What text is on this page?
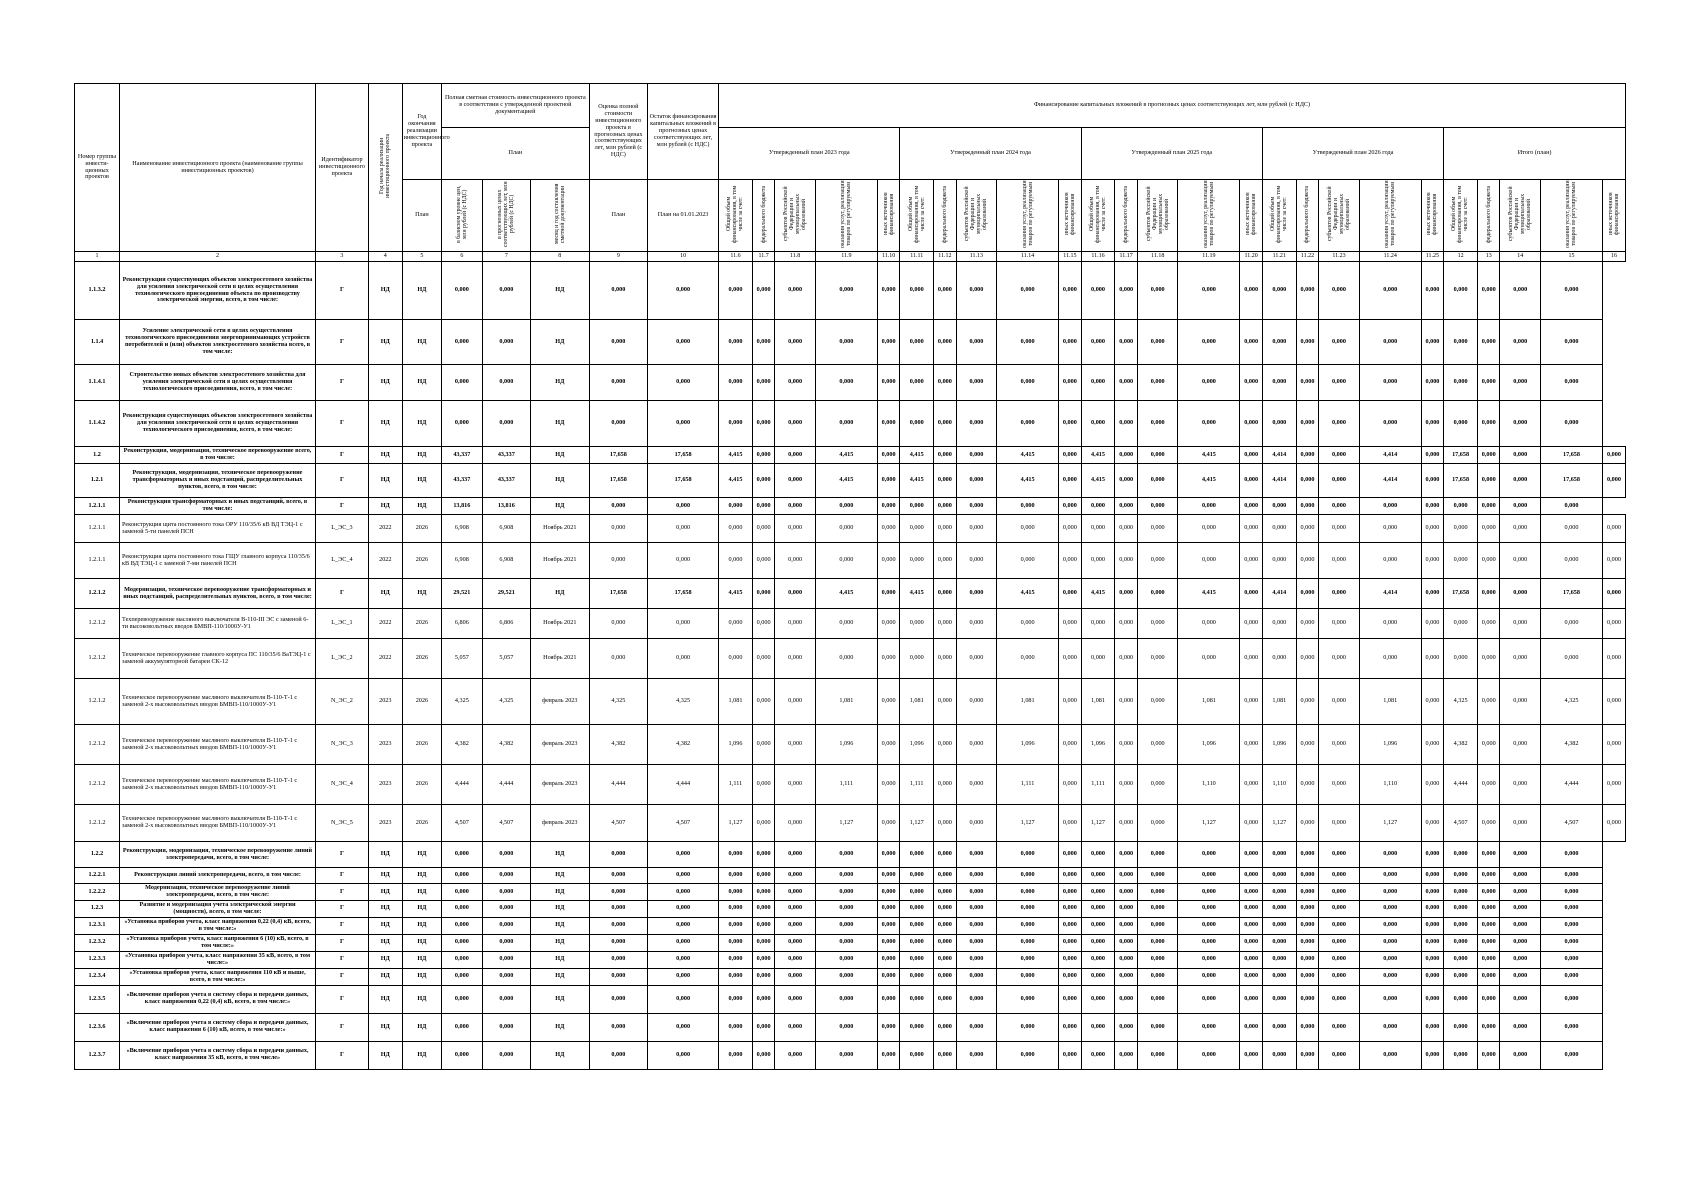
Номер группы инвести-ционных проектов	Наименование инвестиционного проекта (наименование группы инвестиционных проектов)	Идентификатор инвестиционного проекта	Год начала реализации инвестиционного проекта	Год окончания реализации инвестиционного проекта	Полная сметная стоимость инвестиционного проекта в соответствии с утвержденной проектной документацией			Оценка полной стоимости инвестиционного проекта в прогнозных ценах соответствующих лет, млн рублей (с НДС)	Остаток финансирования капитальных вложений в прогнозных ценах соответствующих лет, млн рублей (с НДС)	Финансирование капитальных вложений в прогнозных ценах соответствующих лет, млн рублей (с НДС)																								
					План					Утвержденный план 2023 года					Утвержденный план 2024 года					Утвержденный план 2025 года					Утвержденный план 2026 года					Итого (план)				
				План	в базисном уровне цен, млн рублей (с НДС)	в прогнозных ценах соответствующих лет, млн рублей (с НДС)	месяц и год составления сметной документации	План	План на 01.01.2023	Общий объем финансирования, в том числе за счет:	федерального бюджета	субъектов Российской Федерации и муниципальных образований	оказания услуг, реализации товаров по регулируемым	иных источников финансирования	Общий объем финансирования, в том числе за счет:	федерального бюджета	субъектов Российской Федерации и муниципальных образований	оказания услуг, реализации товаров по регулируемым	иных источников финансирования	Общий объем финансирования, в том числе за счет:	федерального бюджета	субъектов Российской Федерации и муниципальных образований	оказания услуг, реализации товаров по регулируемым	иных источников финансирования	Общий объем финансирования, в том числе за счет:	федерального бюджета	субъектов Российской Федерации и муниципальных образований	оказания услуг, реализации товаров по регулируемым	иных источников финансирования	Общий объем финансирования, в том числе за счет:	федерального бюджета	субъектов Российской Федерации и муниципальных образований	оказания услуг, реализации товаров по регулируемым	иных источников финансирования
1	2	3	4	5	6	7	8	9	10	11.6	11.7	11.8	11.9	11.10	11.11	11.12	11.13	11.14	11.15	11.16	11.17	11.18	11.19	11.20	11.21	11.22	11.23	11.24	11.25	12	13	14	15	16
1.1.3.2	Реконструкция существующих объектов электросетевого хозяйства для усиления электрической сети в целях осуществления технологического присоединения объекта по производству электрической энергии, всего, в том числе:	Г	НД	НД	0,000	0,000	НД	0,000	0,000	0,000	0,000	0,000	0,000	0,000	0,000	0,000	0,000	0,000	0,000	0,000	0,000	0,000	0,000	0,000	0,000	0,000	0,000	0,000	0,000	0,000	0,000	0,000	0,000	
1.1.4	Усиление электрической сети в целях осуществления технологического присоединения энергопринимающих устройств потребителей и (или) объектов электросетевого хозяйства всего, в том числе:	Г	НД	НД	0,000	0,000	НД	0,000	0,000	0,000	0,000	0,000	0,000	0,000	0,000	0,000	0,000	0,000	0,000	0,000	0,000	0,000	0,000	0,000	0,000	0,000	0,000	0,000	0,000	0,000	0,000	0,000	0,000	
1.1.4.1	Строительство новых объектов электросетевого хозяйства для усиления электрической сети в целях осуществления технологического присоединения, всего, в том числе:	Г	НД	НД	0,000	0,000	НД	0,000	0,000	0,000	0,000	0,000	0,000	0,000	0,000	0,000	0,000	0,000	0,000	0,000	0,000	0,000	0,000	0,000	0,000	0,000	0,000	0,000	0,000	0,000	0,000	0,000	0,000	
1.1.4.2	Реконструкция существующих объектов электросетевого хозяйства для усиления электрической сети в целях осуществления технологического присоединения, всего, в том числе:	Г	НД	НД	0,000	0,000	НД	0,000	0,000	0,000	0,000	0,000	0,000	0,000	0,000	0,000	0,000	0,000	0,000	0,000	0,000	0,000	0,000	0,000	0,000	0,000	0,000	0,000	0,000	0,000	0,000	0,000	0,000	
1.2	Реконструкция, модернизация, техническое перевооружение всего, в том числе:	Г	НД	НД	43,337	43,337	НД	17,658	17,658	4,415	0,000	0,000	4,415	0,000	4,415	0,000	0,000	4,415	0,000	4,415	0,000	0,000	4,415	0,000	4,414	0,000	0,000	4,414	0,000	17,658	0,000	0,000	17,658	0,000
1.2.1	Реконструкция, модернизация, техническое перевооружение трансформаторных и иных подстанций, распределительных пунктов, всего, в том числе:	Г	НД	НД	43,337	43,337	НД	17,658	17,658	4,415	0,000	0,000	4,415	0,000	4,415	0,000	0,000	4,415	0,000	4,415	0,000	0,000	4,415	0,000	4,414	0,000	0,000	4,414	0,000	17,658	0,000	0,000	17,658	0,000
1.2.1.1	Реконструкция трансформаторных и иных подстанций, всего, в том числе:	Г	НД	НД	13,816	13,816	НД	0,000	0,000	0,000	0,000	0,000	0,000	0,000	0,000	0,000	0,000	0,000	0,000	0,000	0,000	0,000	0,000	0,000	0,000	0,000	0,000	0,000	0,000	0,000	0,000	0,000	0,000	
1.2.1.1	Реконструкция щита постоянного тока ОРУ 110/35/6 кВ ВД ТЭЦ-1 с заменой 5-ти панелей ПСН	L_ЭС_3	2022	2026	6,908	6,908	Ноябрь 2021	0,000	0,000	0,000	0,000	0,000	0,000	0,000	0,000	0,000	0,000	0,000	0,000	0,000	0,000	0,000	0,000	0,000	0,000	0,000	0,000	0,000	0,000	0,000	0,000	0,000	0,000	0,000
1.2.1.1	Реконструкция щита постоянного тока ГЩУ главного корпуса 110/35/6 кВ ВД ТЭЦ-1 с заменой 7-ми панелей ПСН	L_ЭС_4	2022	2026	6,908	6,908	Ноябрь 2021	0,000	0,000	0,000	0,000	0,000	0,000	0,000	0,000	0,000	0,000	0,000	0,000	0,000	0,000	0,000	0,000	0,000	0,000	0,000	0,000	0,000	0,000	0,000	0,000	0,000	0,000	0,000
1.2.1.2	Модернизация, техническое перевооружение трансформаторных и иных подстанций, распределительных пунктов, всего, в том числе:	Г	НД	НД	29,521	29,521	НД	17,658	17,658	4,415	0,000	0,000	4,415	0,000	4,415	0,000	0,000	4,415	0,000	4,415	0,000	0,000	4,415	0,000	4,414	0,000	0,000	4,414	0,000	17,658	0,000	0,000	17,658	0,000
1.2.1.2	Техперевооружение масляного выключателя В-110-III ЭС с заменой 6-ти высоковольтных вводов БМВП-110/1000У-У1	L_ЭС_1	2022	2026	6,806	6,806	Ноябрь 2021	0,000	0,000	0,000	0,000	0,000	0,000	0,000	0,000	0,000	0,000	0,000	0,000	0,000	0,000	0,000	0,000	0,000	0,000	0,000	0,000	0,000	0,000	0,000	0,000	0,000	0,000	0,000
1.2.1.2	Техническое перевооружение главного корпуса ПС 110/35/6 ВаТЭЦ-1 с заменой аккумуляторной батареи СК-12	L_ЭС_2	2022	2026	5,057	5,057	Ноябрь 2021	0,000	0,000	0,000	0,000	0,000	0,000	0,000	0,000	0,000	0,000	0,000	0,000	0,000	0,000	0,000	0,000	0,000	0,000	0,000	0,000	0,000	0,000	0,000	0,000	0,000	0,000	0,000
1.2.1.2	Техническое перевооружение масляного выключателя В-110-Т-1 с заменой 2-х высоковольтных вводов БМВП-110/1000У-У1	N_ЭС_2	2023	2026	4,325	4,325	февраль 2023	4,325	4,325	1,081	0,000	0,000	1,081	0,000	1,081	0,000	0,000	1,081	0,000	1,081	0,000	0,000	1,081	0,000	1,081	0,000	0,000	1,081	0,000	4,325	0,000	0,000	4,325	0,000
1.2.1.2	Техническое перевооружение масляного выключателя В-110-Т-1 с заменой 2-х высоковольтных вводов БМВП-110/1000У-У1	N_ЭС_3	2023	2026	4,382	4,382	февраль 2023	4,382	4,382	1,096	0,000	0,000	1,096	0,000	1,096	0,000	0,000	1,096	0,000	1,096	0,000	0,000	1,096	0,000	1,096	0,000	0,000	1,096	0,000	4,382	0,000	0,000	4,382	0,000
1.2.1.2	Техническое перевооружение масляного выключателя В-110-Т-1 с заменой 2-х высоковольтных вводов БМВП-110/1000У-У1	N_ЭС_4	2023	2026	4,444	4,444	февраль 2023	4,444	4,444	1,111	0,000	0,000	1,111	0,000	1,111	0,000	0,000	1,111	0,000	1,111	0,000	0,000	1,110	0,000	1,110	0,000	0,000	1,110	0,000	4,444	0,000	0,000	4,444	0,000
1.2.1.2	Техническое перевооружение масляного выключателя В-110-Т-1 с заменой 2-х высоковольтных вводов БМВП-110/1000У-У1	N_ЭС_5	2023	2026	4,507	4,507	февраль 2023	4,507	4,507	1,127	0,000	0,000	1,127	0,000	1,127	0,000	0,000	1,127	0,000	1,127	0,000	0,000	1,127	0,000	1,127	0,000	0,000	1,127	0,000	4,507	0,000	0,000	4,507	0,000
1.2.2	Реконструкция, модернизация, техническое перевооружение линий электропередачи, всего, в том числе:	Г	НД	НД	0,000	0,000	НД	0,000	0,000	0,000	0,000	0,000	0,000	0,000	0,000	0,000	0,000	0,000	0,000	0,000	0,000	0,000	0,000	0,000	0,000	0,000	0,000	0,000	0,000	0,000	0,000	0,000	0,000	
1.2.2.1	Реконструкция линий электропередачи, всего, в том числе:	Г	НД	НД	0,000	0,000	НД	0,000	0,000	0,000	0,000	0,000	0,000	0,000	0,000	0,000	0,000	0,000	0,000	0,000	0,000	0,000	0,000	0,000	0,000	0,000	0,000	0,000	0,000	0,000	0,000	0,000	0,000	
1.2.2.2	Модернизация, техническое перевооружение линий электропередачи, всего, в том числе:	Г	НД	НД	0,000	0,000	НД	0,000	0,000	0,000	0,000	0,000	0,000	0,000	0,000	0,000	0,000	0,000	0,000	0,000	0,000	0,000	0,000	0,000	0,000	0,000	0,000	0,000	0,000	0,000	0,000	0,000	0,000	
1.2.3	Развитие и модернизация учета электрической энергии (мощности), всего, в том числе:	Г	НД	НД	0,000	0,000	НД	0,000	0,000	0,000	0,000	0,000	0,000	0,000	0,000	0,000	0,000	0,000	0,000	0,000	0,000	0,000	0,000	0,000	0,000	0,000	0,000	0,000	0,000	0,000	0,000	0,000	0,000	
1.2.3.1	«Установка приборов учета, класс напряжения 0,22 (0,4) кВ, всего, в том числе:»	Г	НД	НД	0,000	0,000	НД	0,000	0,000	0,000	0,000	0,000	0,000	0,000	0,000	0,000	0,000	0,000	0,000	0,000	0,000	0,000	0,000	0,000	0,000	0,000	0,000	0,000	0,000	0,000	0,000	0,000	0,000	
1.2.3.2	«Установка приборов учета, класс напряжения 6 (10) кВ, всего, в том числе:»	Г	НД	НД	0,000	0,000	НД	0,000	0,000	0,000	0,000	0,000	0,000	0,000	0,000	0,000	0,000	0,000	0,000	0,000	0,000	0,000	0,000	0,000	0,000	0,000	0,000	0,000	0,000	0,000	0,000	0,000	0,000	
1.2.3.3	«Установка приборов учета, класс напряжения 35 кВ, всего, в том числе:»	Г	НД	НД	0,000	0,000	НД	0,000	0,000	0,000	0,000	0,000	0,000	0,000	0,000	0,000	0,000	0,000	0,000	0,000	0,000	0,000	0,000	0,000	0,000	0,000	0,000	0,000	0,000	0,000	0,000	0,000	0,000	
1.2.3.4	«Установка приборов учета, класс напряжения 110 кВ и выше, всего, в том числе:»	Г	НД	НД	0,000	0,000	НД	0,000	0,000	0,000	0,000	0,000	0,000	0,000	0,000	0,000	0,000	0,000	0,000	0,000	0,000	0,000	0,000	0,000	0,000	0,000	0,000	0,000	0,000	0,000	0,000	0,000	0,000	
1.2.3.5	«Включение приборов учета в систему сбора и передачи данных, класс напряжения 0,22 (0,4) кВ, всего, в том числе:»	Г	НД	НД	0,000	0,000	НД	0,000	0,000	0,000	0,000	0,000	0,000	0,000	0,000	0,000	0,000	0,000	0,000	0,000	0,000	0,000	0,000	0,000	0,000	0,000	0,000	0,000	0,000	0,000	0,000	0,000	0,000	
1.2.3.6	«Включение приборов учета в систему сбора и передачи данных, класс напряжения 6 (10) кВ, всего, в том числе:»	Г	НД	НД	0,000	0,000	НД	0,000	0,000	0,000	0,000	0,000	0,000	0,000	0,000	0,000	0,000	0,000	0,000	0,000	0,000	0,000	0,000	0,000	0,000	0,000	0,000	0,000	0,000	0,000	0,000	0,000	0,000	
1.2.3.7	«Включение приборов учета в систему сбора и передачи данных, класс напряжения 35 кВ, всего, в том числе»	Г	НД	НД	0,000	0,000	НД	0,000	0,000	0,000	0,000	0,000	0,000	0,000	0,000	0,000	0,000	0,000	0,000	0,000	0,000	0,000	0,000	0,000	0,000	0,000	0,000	0,000	0,000	0,000	0,000	0,000	0,000	
